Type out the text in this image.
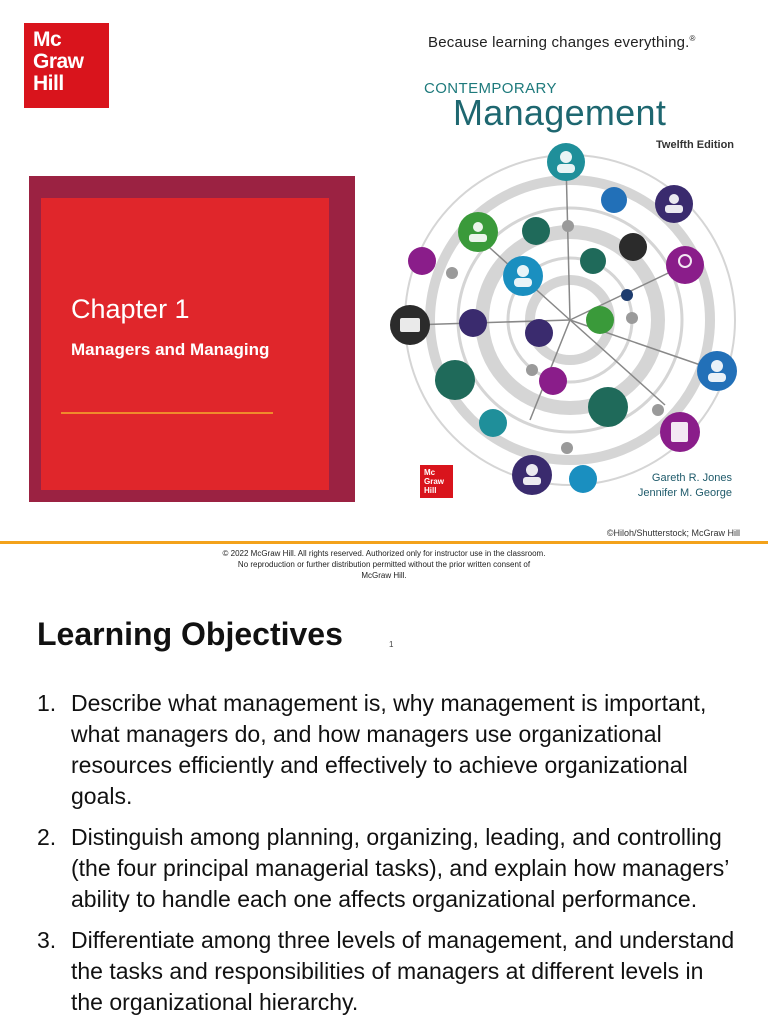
Mc
Graw
Hill
Because learning changes everything.®
Chapter 1
Managers and Managing
CONTEMPORARY
Management
Twelfth Edition
Mc
Graw
Hill
Gareth R. Jones
Jennifer M. George
©Hiloh/Shutterstock; McGraw Hill
© 2022 McGraw Hill. All rights reserved. Authorized only for instructor use in the classroom.
No reproduction or further distribution permitted without the prior written consent of
McGraw Hill.
Learning Objectives	1
1. Describe what management is, why management is important, what managers do, and how managers use organizational resources efficiently and effectively to achieve organizational goals.
2. Distinguish among planning, organizing, leading, and controlling (the four principal managerial tasks), and explain how managers’ ability to handle each one affects organizational performance.
3. Differentiate among three levels of management, and understand the tasks and responsibilities of managers at different levels in the organizational hierarchy.
